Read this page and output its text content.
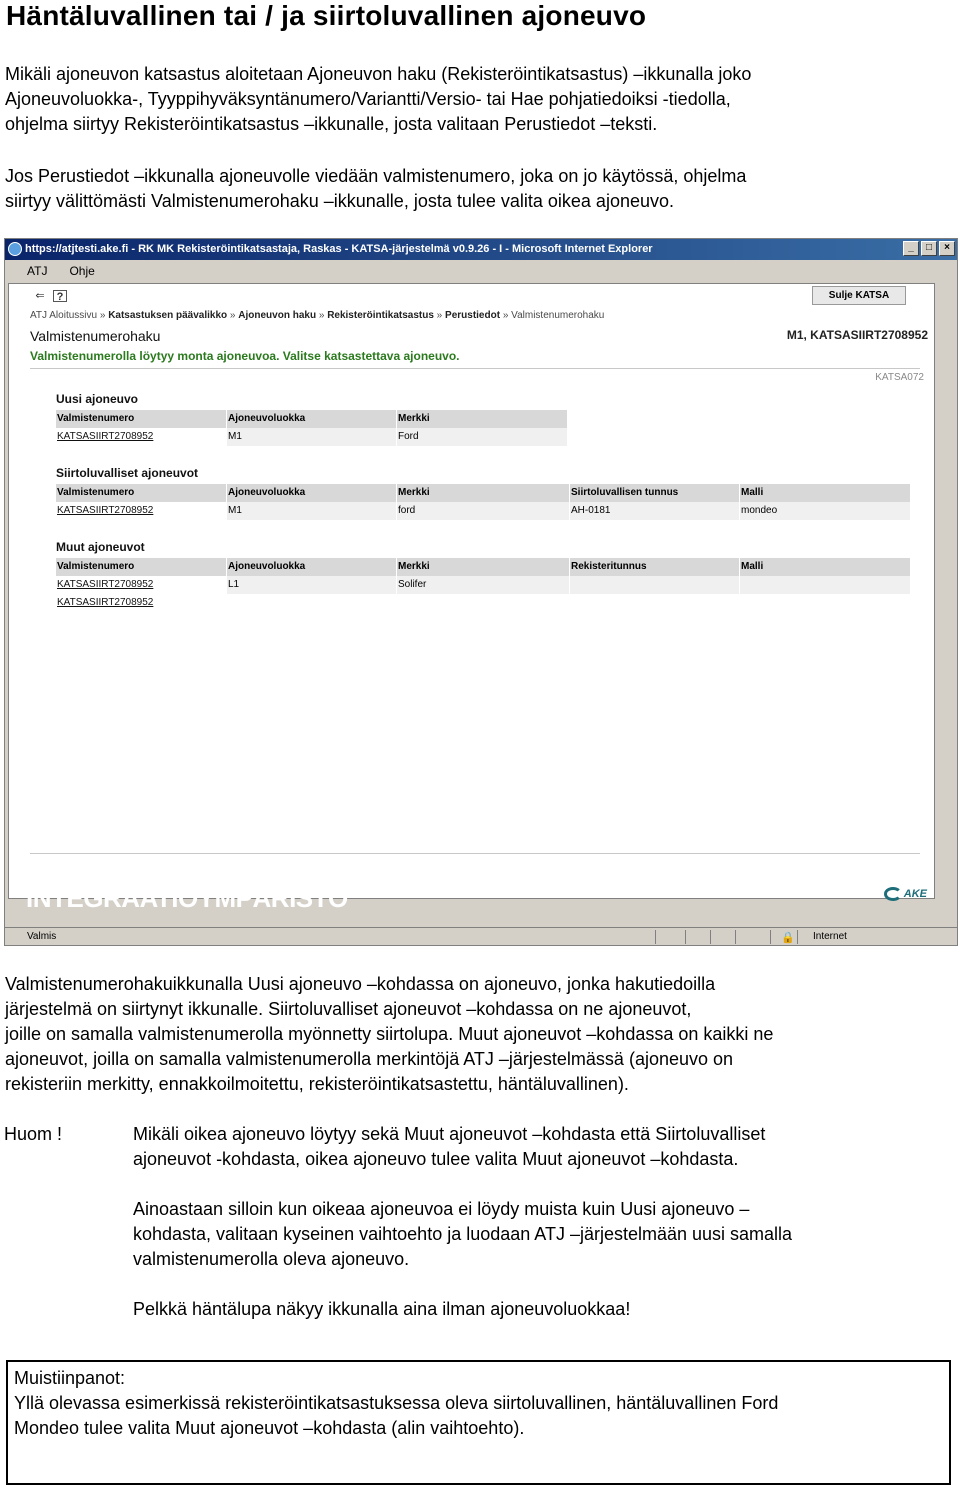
Häntäluvallinen tai / ja siirtoluvallinen ajoneuvo
Mikäli ajoneuvon katsastus aloitetaan Ajoneuvon haku (Rekisteröintikatsastus) –ikkunalla joko
Ajoneuvoluokka-, Tyyppihyväksyntänumero/Variantti/Versio- tai Hae pohjatiedoiksi -tiedolla,
ohjelma siirtyy Rekisteröintikatsastus –ikkunalle, josta valitaan Perustiedot –teksti.
Jos Perustiedot –ikkunalla ajoneuvolle viedään valmistenumero, joka on jo käytössä, ohjelma
siirtyy välittömästi Valmistenumerohaku –ikkunalle, josta tulee valita oikea ajoneuvo.
https://atjtesti.ake.fi - RK MK Rekisteröintikatsastaja, Raskas - KATSA-järjestelmä v0.9.26 - I - Microsoft Internet Explorer	_	□	×
ATJ Ohje
⇐	?	Sulje KATSA
ATJ Aloitussivu » Katsastuksen päävalikko » Ajoneuvon haku » Rekisteröintikatsastus » Perustiedot » Valmistenumerohaku
Valmistenumerohaku	M1, KATSASIIRT2708952
Valmistenumerolla löytyy monta ajoneuvoa. Valitse katsastettava ajoneuvo.
KATSA072
Uusi ajoneuvo
Valmistenumero	Ajoneuvoluokka	Merkki
KATSASIIRT2708952	M1	Ford
Siirtoluvalliset ajoneuvot
Valmistenumero	Ajoneuvoluokka	Merkki	Siirtoluvallisen tunnus	Malli
KATSASIIRT2708952	M1	ford	AH-0181	mondeo
Muut ajoneuvot
Valmistenumero	Ajoneuvoluokka	Merkki	Rekisteritunnus	Malli
KATSASIIRT2708952	L1	Solifer
KATSASIIRT2708952
INTEGRAATIOYMPÄRISTÖ	AKE
Valmis	🔒 Internet
Valmistenumerohakuikkunalla Uusi ajoneuvo –kohdassa on ajoneuvo, jonka hakutiedoilla
järjestelmä on siirtynyt ikkunalle. Siirtoluvalliset ajoneuvot –kohdassa on ne ajoneuvot,
joille on samalla valmistenumerolla myönnetty siirtolupa. Muut ajoneuvot –kohdassa on kaikki ne
ajoneuvot, joilla on samalla valmistenumerolla merkintöjä ATJ –järjestelmässä (ajoneuvo on
rekisteriin merkitty, ennakkoilmoitettu, rekisteröintikatsastettu, häntäluvallinen).
Huom !	Mikäli oikea ajoneuvo löytyy sekä Muut ajoneuvot –kohdasta että Siirtoluvalliset
ajoneuvot -kohdasta, oikea ajoneuvo tulee valita Muut ajoneuvot –kohdasta.
Ainoastaan silloin kun oikeaa ajoneuvoa ei löydy muista kuin Uusi ajoneuvo –
kohdasta, valitaan kyseinen vaihtoehto ja luodaan ATJ –järjestelmään uusi samalla
valmistenumerolla oleva ajoneuvo.
Pelkkä häntälupa näkyy ikkunalla aina ilman ajoneuvoluokkaa!
Muistiinpanot:
Yllä olevassa esimerkissä rekisteröintikatsastuksessa oleva siirtoluvallinen, häntäluvallinen Ford
Mondeo tulee valita Muut ajoneuvot –kohdasta (alin vaihtoehto).
